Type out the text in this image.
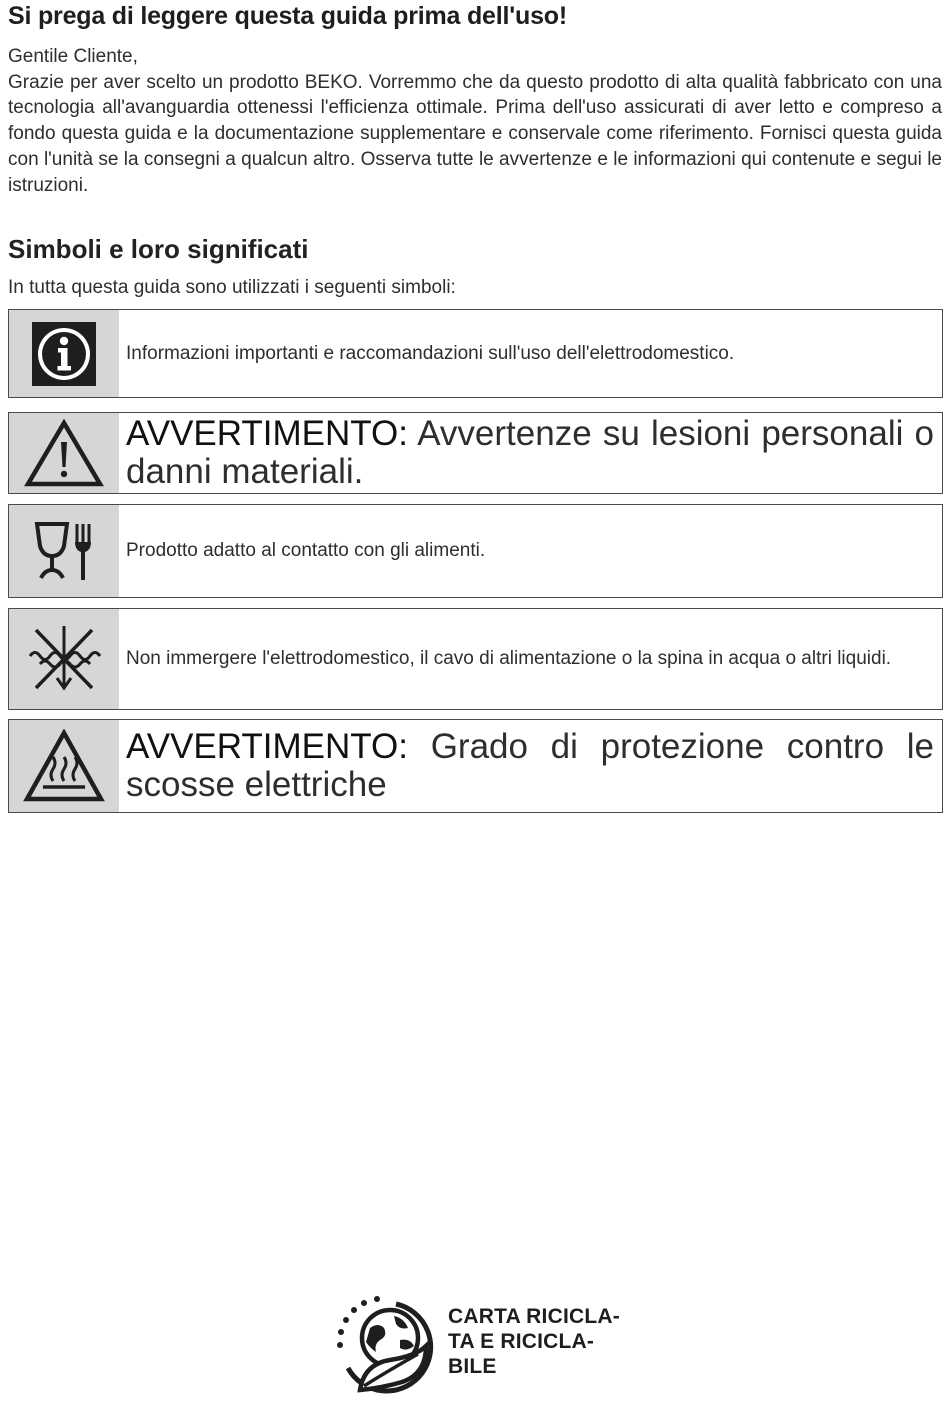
Si prega di leggere questa guida prima dell'uso!

Gentile Cliente,

Grazie per aver scelto un prodotto BEKO. Vorremmo che da questo prodotto di alta qualità fabbricato con una tecnologia all'avanguardia ottenessi l'efficienza ottimale. Prima dell'uso assicurati di aver letto e compreso a fondo questa guida e la documentazione supplementare e conservale come riferimento. Fornisci questa guida con l'unità se la consegni a qualcun altro. Osserva tutte le avvertenze e le informazioni qui contenute e segui le istruzioni.

Simboli e loro significati
In tutta questa guida sono utilizzati i seguenti simboli:
Informazioni importanti e raccomandazioni sull'uso dell'elettrodomestico.
AVVERTIMENTO: Avvertenze su lesioni personali o danni materiali.
Prodotto adatto al contatto con gli alimenti.
Non immergere l'elettrodomestico, il cavo di alimentazione o la spina in acqua o altri liquidi.
AVVERTIMENTO: Grado di protezione contro le scosse elettriche
CARTA RICICLA-
TA E RICICLA-
BILE
